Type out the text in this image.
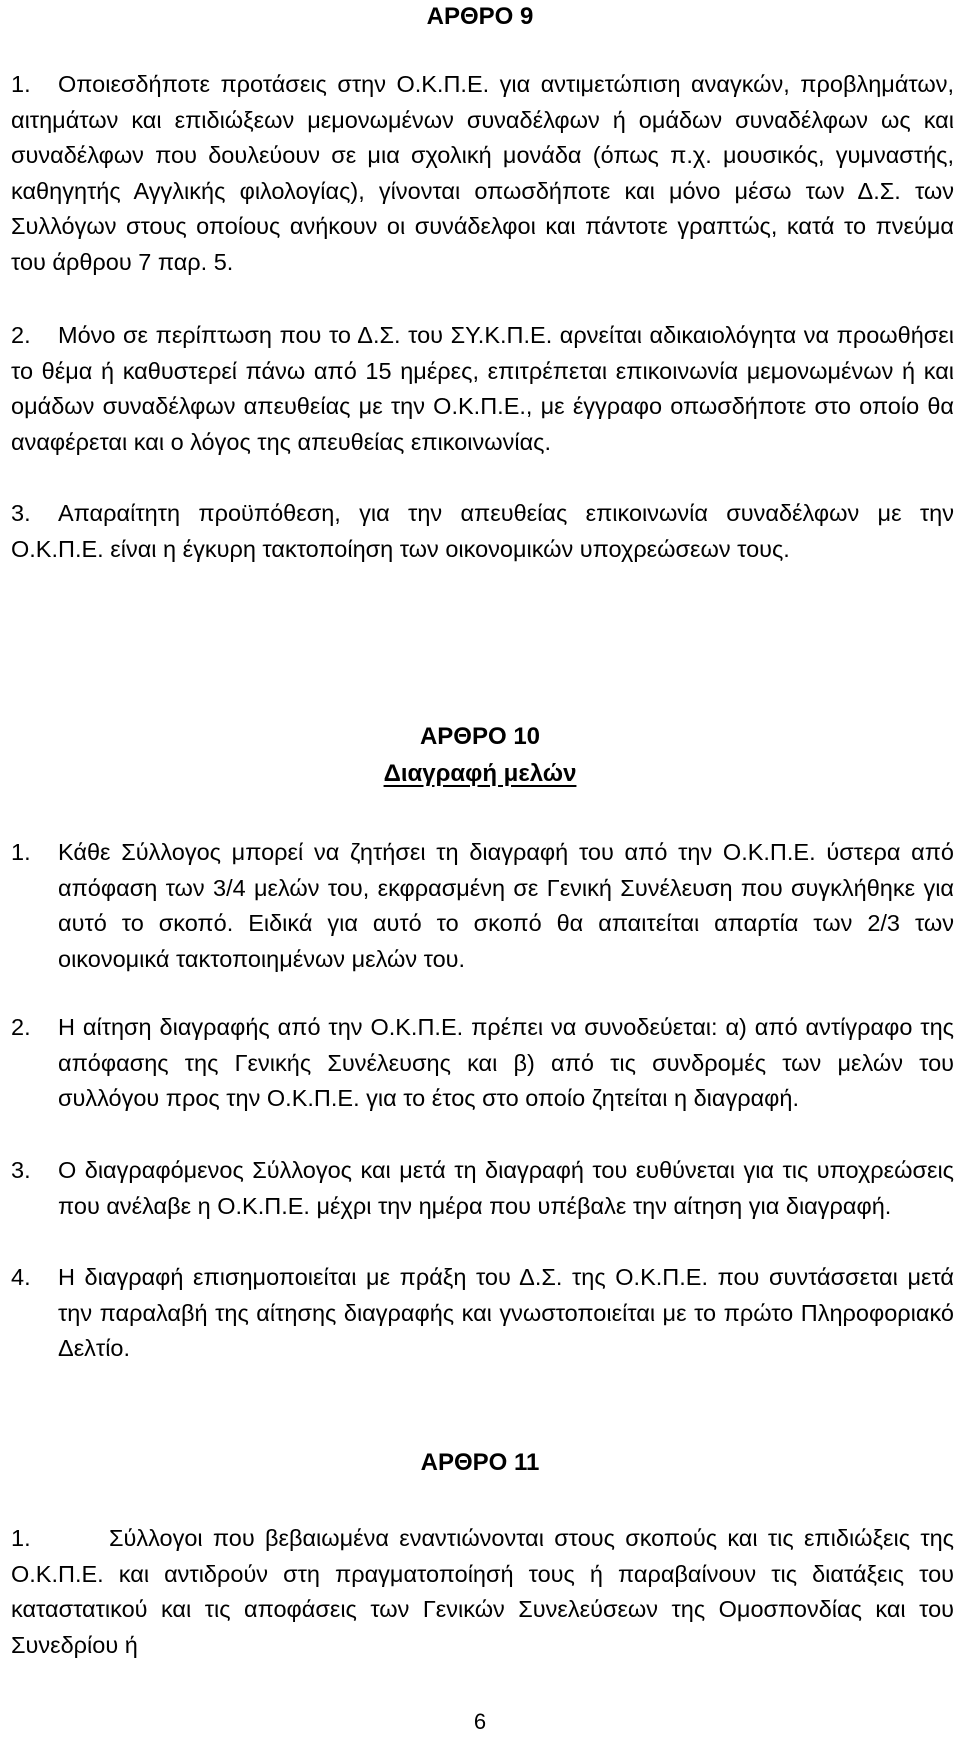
ΑΡΘΡΟ 9
1.	Οποιεσδήποτε προτάσεις στην Ο.Κ.Π.Ε. για αντιμετώπιση αναγκών, προβλημάτων, αιτημάτων και επιδιώξεων μεμονωμένων συναδέλφων ή ομάδων συναδέλφων ως και συναδέλφων που δουλεύουν σε μια σχολική μονάδα (όπως π.χ. μουσικός, γυμναστής, καθηγητής Αγγλικής φιλολογίας), γίνονται οπωσδήποτε και μόνο μέσω των Δ.Σ. των Συλλόγων στους οποίους ανήκουν οι συνάδελφοι και πάντοτε γραπτώς, κατά το πνεύμα του άρθρου 7 παρ. 5.
2.	Μόνο σε περίπτωση που το Δ.Σ. του ΣΥ.Κ.Π.Ε. αρνείται αδικαιολόγητα να προωθήσει το θέμα ή καθυστερεί πάνω από 15 ημέρες, επιτρέπεται επικοινωνία μεμονωμένων ή και ομάδων συναδέλφων απευθείας με την Ο.Κ.Π.Ε., με έγγραφο οπωσδήποτε στο οποίο θα αναφέρεται και ο λόγος της απευθείας επικοινωνίας.
3.	Απαραίτητη προϋπόθεση, για την απευθείας επικοινωνία συναδέλφων με την Ο.Κ.Π.Ε. είναι η έγκυρη τακτοποίηση των οικονομικών υποχρεώσεων τους.
ΑΡΘΡΟ 10
Διαγραφή μελών
1.	Κάθε Σύλλογος μπορεί να ζητήσει τη διαγραφή του από την Ο.Κ.Π.Ε. ύστερα από απόφαση των 3/4 μελών του, εκφρασμένη σε Γενική Συνέλευση που συγκλήθηκε για αυτό το σκοπό. Ειδικά για αυτό το σκοπό θα απαιτείται απαρτία των 2/3 των οικονομικά τακτοποιημένων μελών του.
2.	Η αίτηση διαγραφής από την Ο.Κ.Π.Ε. πρέπει να συνοδεύεται: α) από αντίγραφο της απόφασης της Γενικής Συνέλευσης και β) από τις συνδρομές των μελών του συλλόγου προς την Ο.Κ.Π.Ε. για το έτος στο οποίο ζητείται η διαγραφή.
3.	Ο διαγραφόμενος Σύλλογος και μετά τη διαγραφή του ευθύνεται για τις υποχρεώσεις που ανέλαβε η Ο.Κ.Π.Ε. μέχρι την ημέρα που υπέβαλε την αίτηση για διαγραφή.
4.	Η διαγραφή επισημοποιείται με πράξη του Δ.Σ. της Ο.Κ.Π.Ε. που συντάσσεται μετά την παραλαβή της αίτησης διαγραφής και γνωστοποιείται με το πρώτο Πληροφοριακό Δελτίο.
ΑΡΘΡΟ 11
1.	Σύλλογοι που βεβαιωμένα εναντιώνονται στους σκοπούς και τις επιδιώξεις της Ο.Κ.Π.Ε. και αντιδρούν στη πραγματοποίησή τους ή παραβαίνουν τις διατάξεις του καταστατικού και τις αποφάσεις των Γενικών Συνελεύσεων της Ομοσπονδίας και του Συνεδρίου ή
6
